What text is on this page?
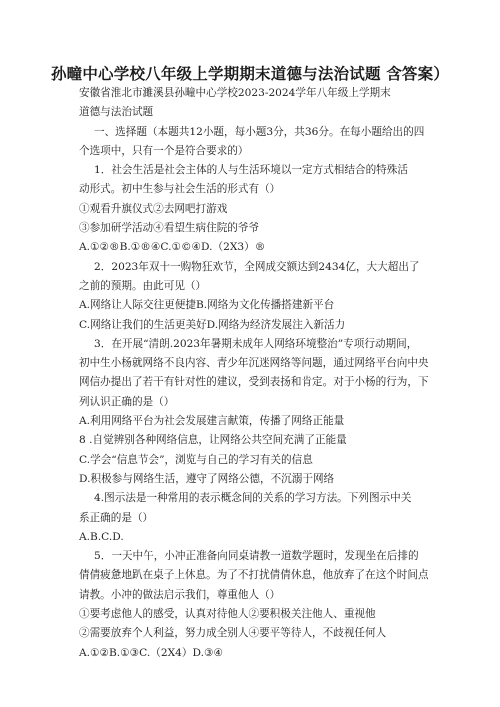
孙疃中心学校八年级上学期期末道德与法治试题 含答案）

安徽省淮北市濉溪县孙疃中心学校2023-2024学年八年级上学期末

道德与法治试题

一、选择题（本题共12小题，每小题3分，共36分。在每小题给出的四

个选项中，只有一个是符合要求的）

1．社会生活是社会主体的人与生活环境以一定方式相结合的特殊活

动形式。初中生参与社会生活的形式有（）

①观看升旗仪式②去网吧打游戏

③参加研学活动④看望生病住院的爷爷

A.①②®B.①®④C.①©④D.（2X3）®

2．2023年双十一购物狂欢节，全网成交额达到2434亿，大大超出了

之前的预期。由此可见（）

A.网络让人际交往更便捷B.网络为文化传播搭建新平台

C.网络让我们的生活更美好D.网络为经济发展注入新活力

3．在开展“清朗.2023年暑期未成年人网络环境整治”专项行动期间，

初中生小杨就网络不良内容、青少年沉迷网络等问题，通过网络平台向中央

网信办提出了若干有针对性的建议，受到表扬和肯定。对于小杨的行为，下

列认识正确的是（）

A.利用网络平台为社会发展建言献策，传播了网络正能量

8 .自觉辨别各种网络信息，让网络公共空间充满了正能量

C.学会“信息节会”，浏览与自己的学习有关的信息

D.积极参与网络生活，遵守了网络公德，不沉溺于网络

4.图示法是一种常用的表示概念间的关系的学习方法。下列图示中关

系正确的是（）

A.B.C.D.

5．一天中午，小冲正准备向同桌请教一道数学题时，发现坐在后排的

倩倩疲惫地趴在桌子上休息。为了不打扰倩倩休息，他放弃了在这个时间点

请教。小冲的做法启示我们，尊重他人（）

①要考虑他人的感受，认真对待他人②要积极关注他人、重视他

②需要放弃个人利益，努力成全别人④要平等待人，不歧视任何人

A.①②B.①③C.（2X4）D.③④
